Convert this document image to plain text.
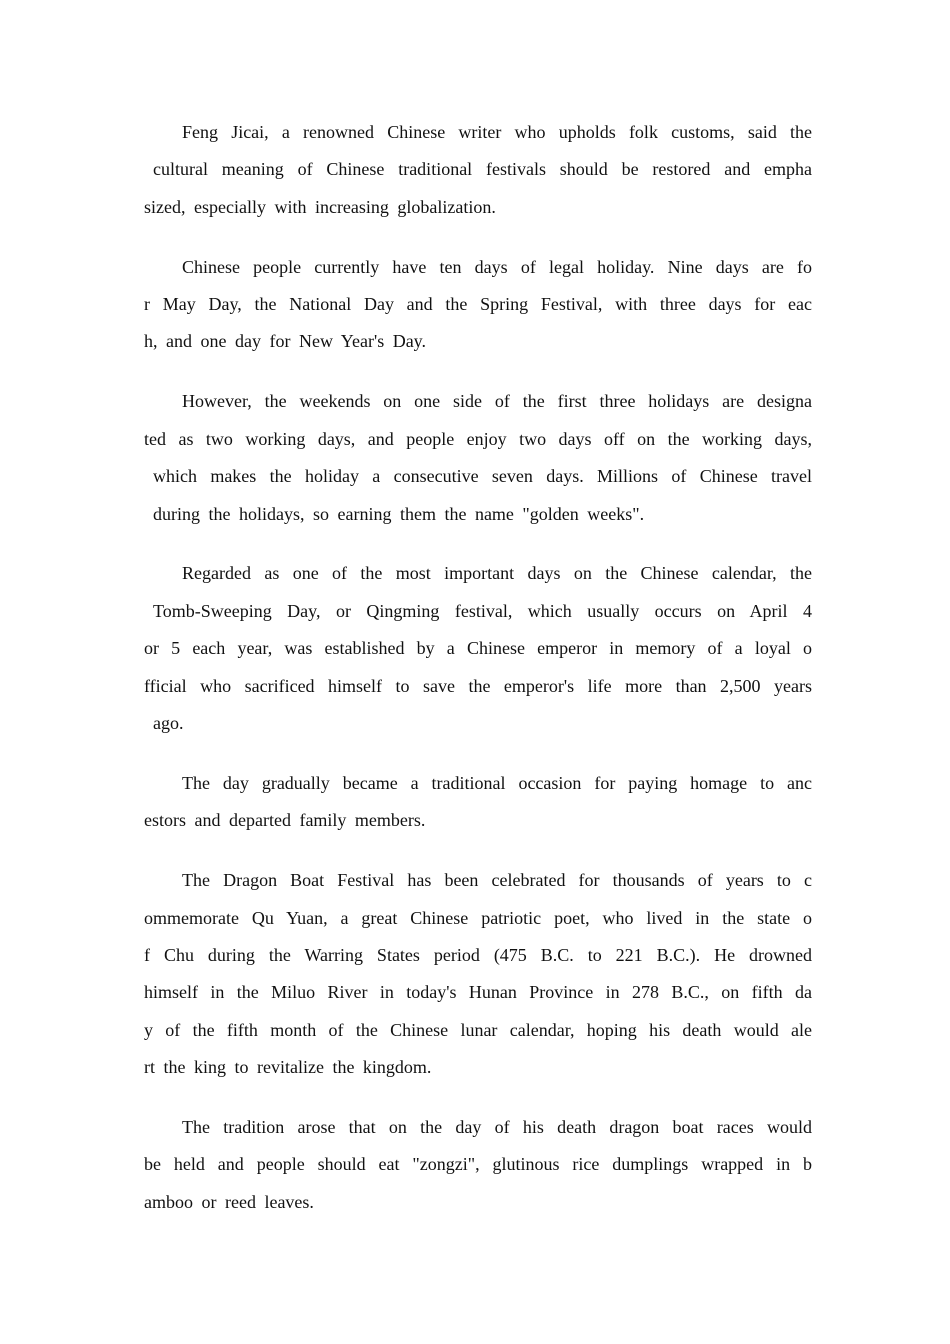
Feng Jicai, a renowned Chinese writer who upholds folk customs, said the
cultural meaning of Chinese traditional festivals should be restored and empha
sized, especially with increasing globalization.
Chinese people currently have ten days of legal holiday. Nine days are fo
r May Day, the National Day and the Spring Festival, with three days for eac
h, and one day for New Year's Day.
However, the weekends on one side of the first three holidays are designa
ted as two working days, and people enjoy two days off on the working days,
which makes the holiday a consecutive seven days. Millions of Chinese travel
during the holidays, so earning them the name "golden weeks".
Regarded as one of the most important days on the Chinese calendar, the
Tomb-Sweeping Day, or Qingming festival, which usually occurs on April 4
or 5 each year, was established by a Chinese emperor in memory of a loyal o
fficial who sacrificed himself to save the emperor's life more than 2,500 years
ago.
The day gradually became a traditional occasion for paying homage to anc
estors and departed family members.
The Dragon Boat Festival has been celebrated for thousands of years to c
ommemorate Qu Yuan, a great Chinese patriotic poet, who lived in the state o
f Chu during the Warring States period (475 B.C. to 221 B.C.). He drowned
himself in the Miluo River in today's Hunan Province in 278 B.C., on fifth da
y of the fifth month of the Chinese lunar calendar, hoping his death would ale
rt the king to revitalize the kingdom.
The tradition arose that on the day of his death dragon boat races would
be held and people should eat "zongzi", glutinous rice dumplings wrapped in b
amboo or reed leaves.
